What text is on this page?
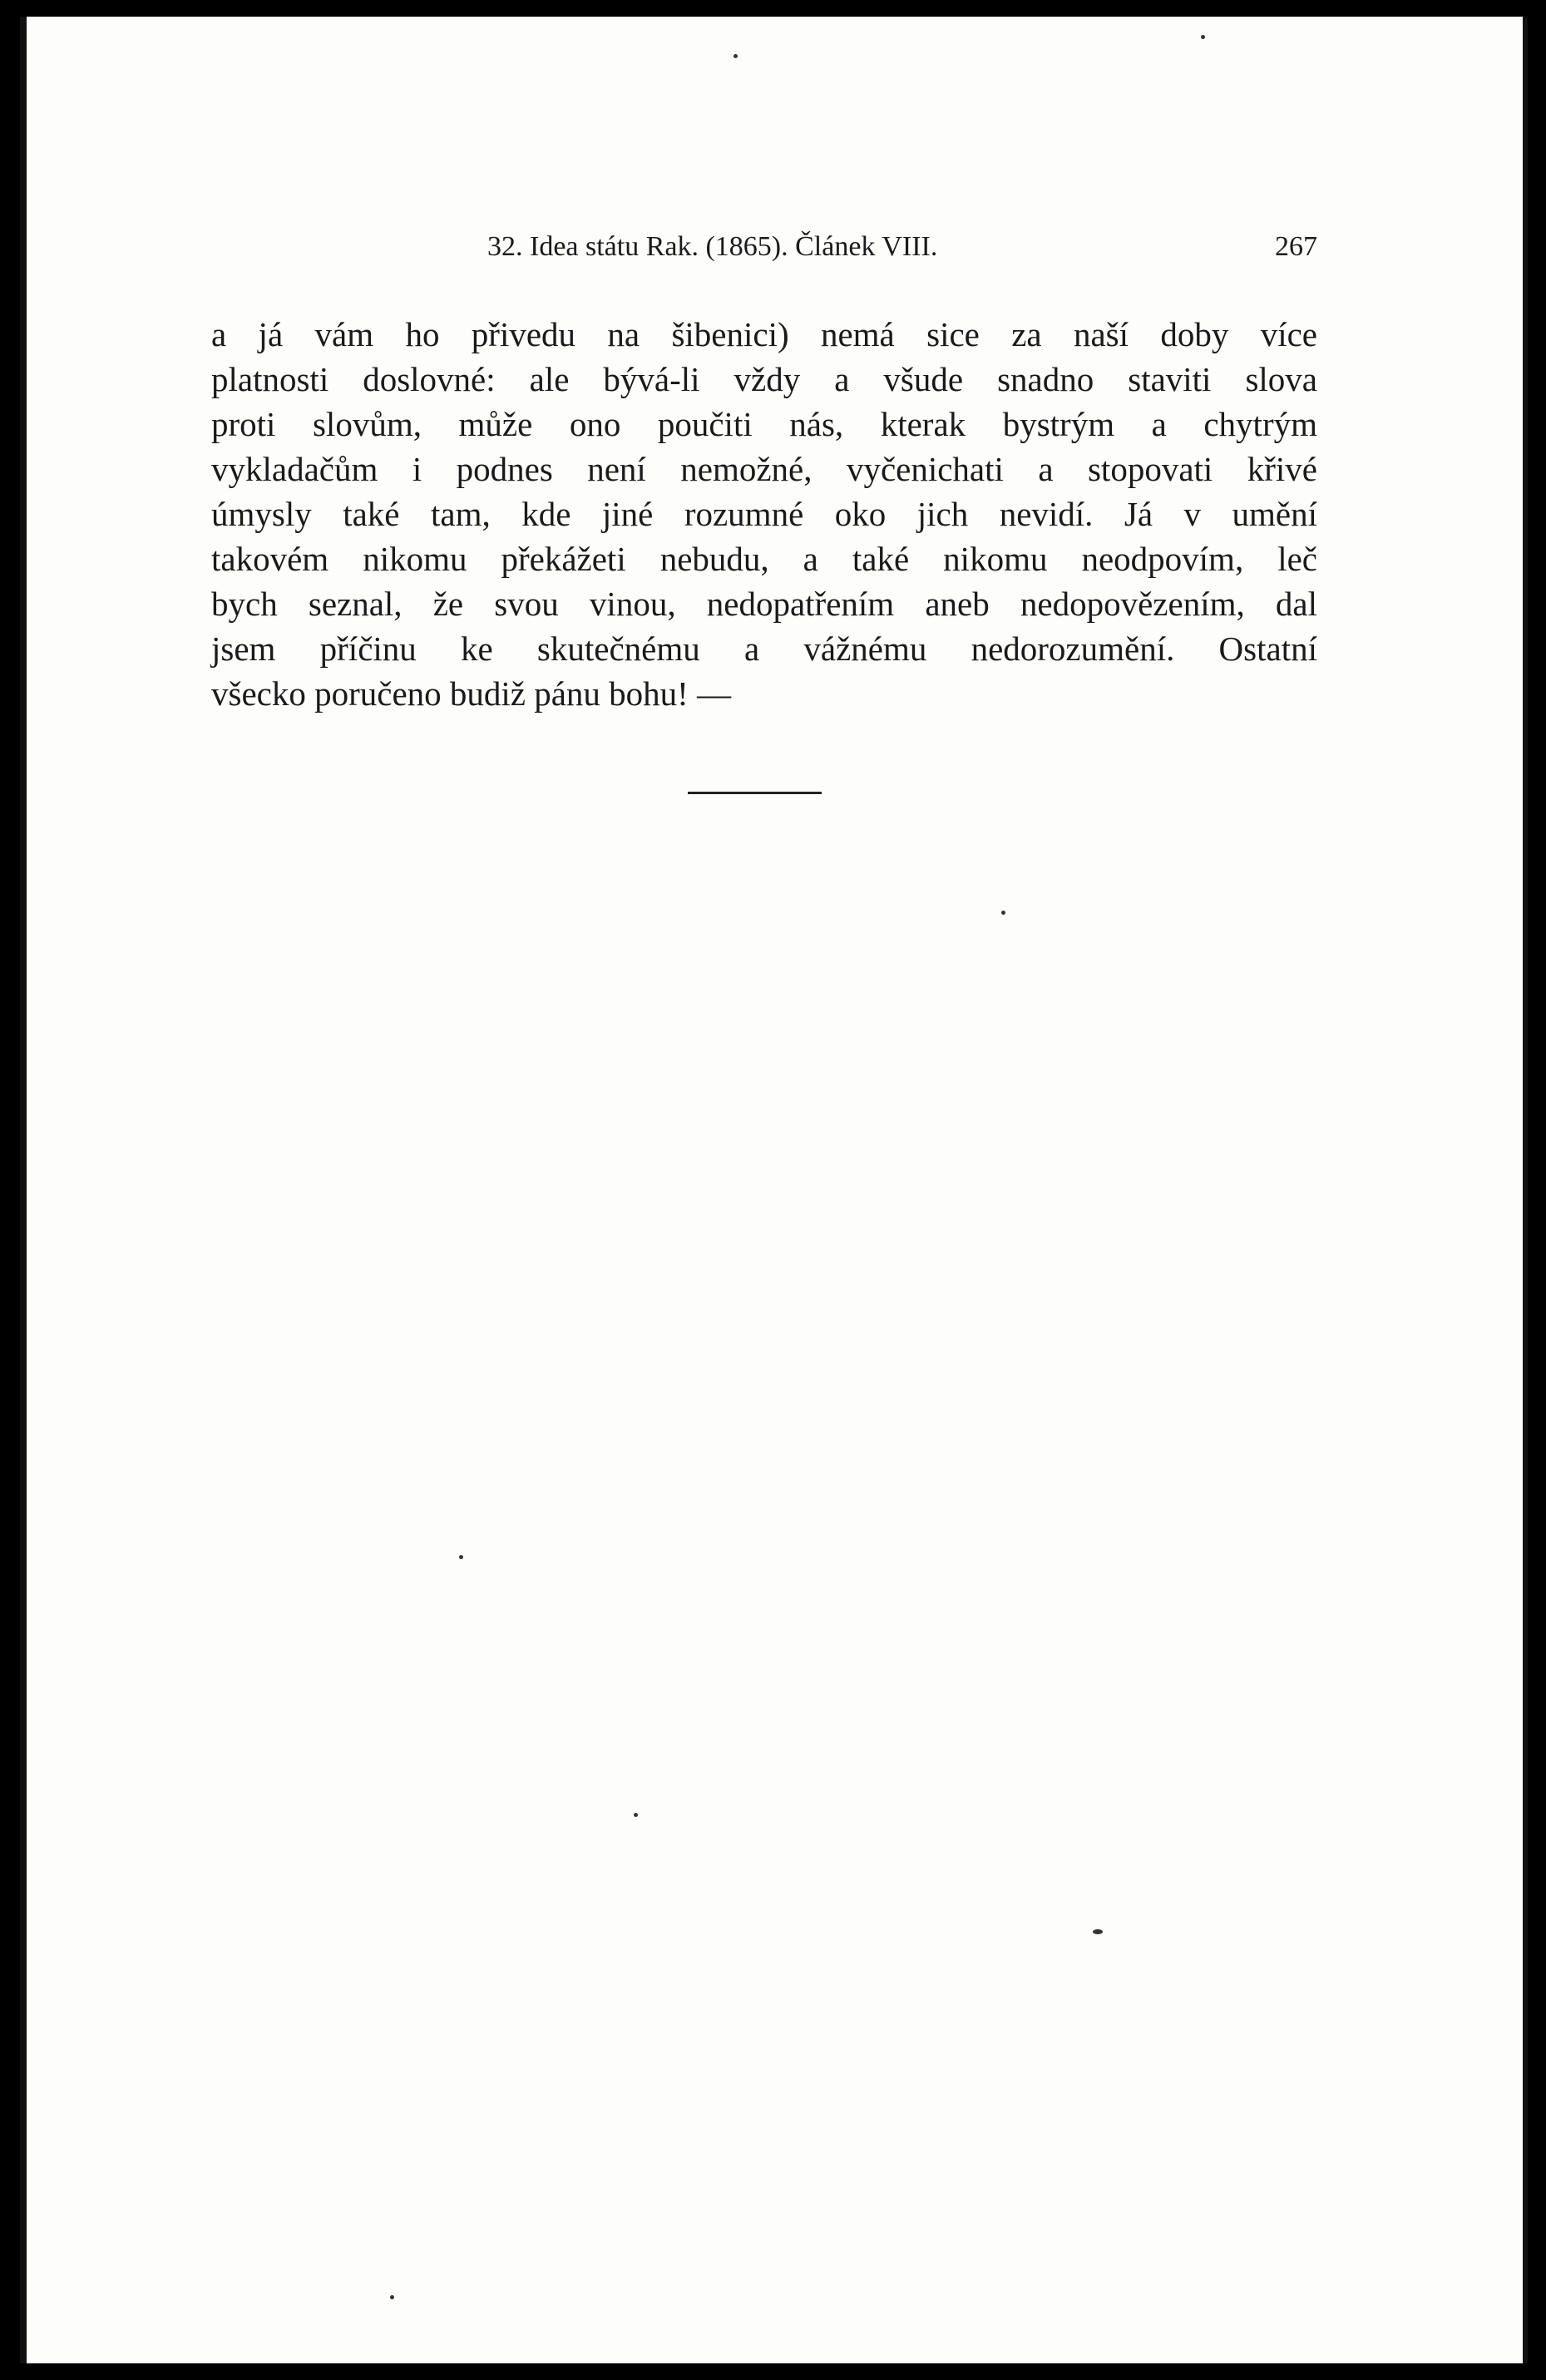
32. Idea státu Rak. (1865). Článek VIII.	267
a já vám ho přivedu na šibenici) nemá sice za naší doby více
platnosti doslovné: ale bývá-li vždy a všude snadno staviti slova
proti slovům, může ono poučiti nás, kterak bystrým a chytrým
vykladačům i podnes není nemožné, vyčenichati a stopovati křivé
úmysly také tam, kde jiné rozumné oko jich nevidí. Já v umění
takovém nikomu překážeti nebudu, a také nikomu neodpovím, leč
bych seznal, že svou vinou, nedopatřením aneb nedopovězením, dal
jsem příčinu ke skutečnému a vážnému nedorozumění. Ostatní
všecko poručeno budiž pánu bohu! —
